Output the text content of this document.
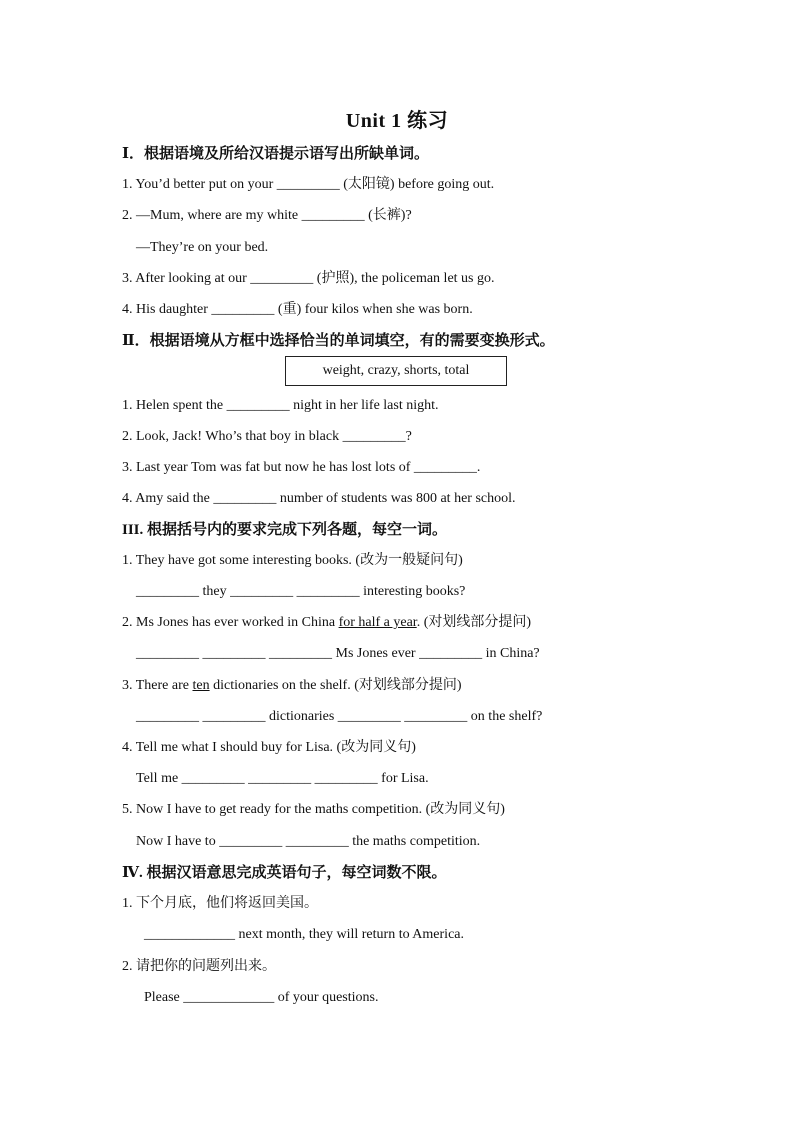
Unit 1 练习
Ⅰ．根据语境及所给汉语提示语写出所缺单词。
1. You’d better put on your _________ (太阳镜) before going out.
2. —Mum, where are my white _________ (长裤)?
—They’re on your bed.
3. After looking at our _________ (护照), the policeman let us go.
4. His daughter _________ (重) four kilos when she was born.
Ⅱ．根据语境从方框中选择恰当的单词填空，有的需要变换形式。
weight, crazy, shorts, total
1. Helen spent the _________ night in her life last night.
2. Look, Jack! Who’s that boy in black _________?
3. Last year Tom was fat but now he has lost lots of _________.
4. Amy said the _________ number of students was 800 at her school.
III. 根据括号内的要求完成下列各题，每空一词。
1. They have got some interesting books. (改为一般疑问句)
_________ they _________ _________ interesting books?
2. Ms Jones has ever worked in China for half a year. (对划线部分提问)
_________ _________ _________ Ms Jones ever _________ in China?
3. There are ten dictionaries on the shelf. (对划线部分提问)
_________ _________ dictionaries _________ _________ on the shelf?
4. Tell me what I should buy for Lisa. (改为同义句)
Tell me _________ _________ _________ for Lisa.
5. Now I have to get ready for the maths competition. (改为同义句)
Now I have to _________ _________ the maths competition.
Ⅳ. 根据汉语意思完成英语句子，每空词数不限。
1. 下个月底，他们将返回美国。
_____________ next month, they will return to America.
2. 请把你的问题列出来。
Please _____________ of your questions.
